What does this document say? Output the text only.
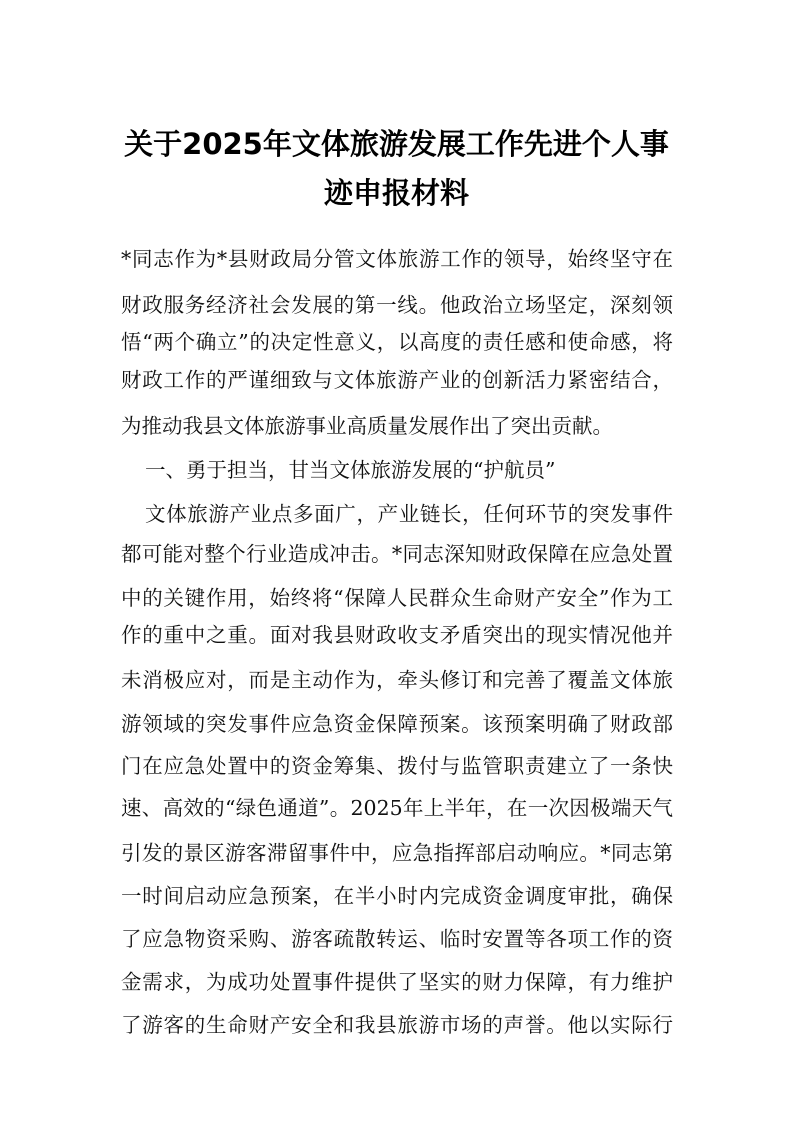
关于2025年文体旅游发展工作先进个人事
迹申报材料
*同志作为*县财政局分管文体旅游工作的领导，始终坚守在
财政服务经济社会发展的第一线。他政治立场坚定，深刻领
悟“两个确立”的决定性意义，以高度的责任感和使命感，将
财政工作的严谨细致与文体旅游产业的创新活力紧密结合，
为推动我县文体旅游事业高质量发展作出了突出贡献。
一、勇于担当，甘当文体旅游发展的“护航员”
文体旅游产业点多面广，产业链长，任何环节的突发事件
都可能对整个行业造成冲击。*同志深知财政保障在应急处置
中的关键作用，始终将“保障人民群众生命财产安全”作为工
作的重中之重。面对我县财政收支矛盾突出的现实情况他并
未消极应对，而是主动作为，牵头修订和完善了覆盖文体旅
游领域的突发事件应急资金保障预案。该预案明确了财政部
门在应急处置中的资金筹集、拨付与监管职责建立了一条快
速、高效的“绿色通道”。2025年上半年，在一次因极端天气
引发的景区游客滞留事件中，应急指挥部启动响应。*同志第
一时间启动应急预案，在半小时内完成资金调度审批，确保
了应急物资采购、游客疏散转运、临时安置等各项工作的资
金需求，为成功处置事件提供了坚实的财力保障，有力维护
了游客的生命财产安全和我县旅游市场的声誉。他以实际行
